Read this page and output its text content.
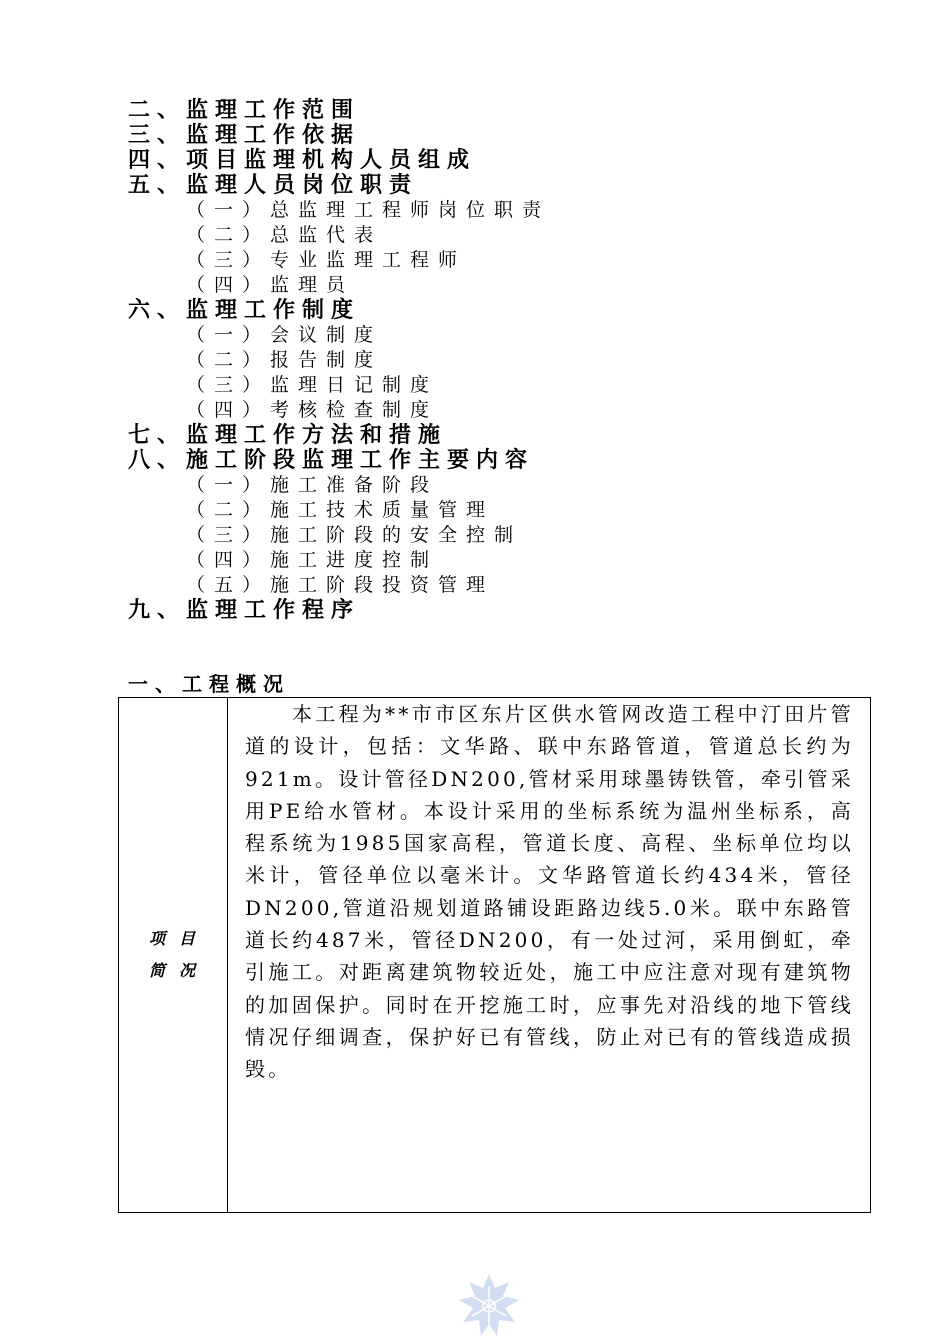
二、监理工作范围
三、监理工作依据
四、项目监理机构人员组成
五、监理人员岗位职责
（一）总监理工程师岗位职责
（二）总监代表
（三）专业监理工程师
（四）监理员
六、监理工作制度
（一）会议制度
（二）报告制度
（三）监理日记制度
（四）考核检查制度
七、监理工作方法和措施
八、施工阶段监理工作主要内容
（一）施工准备阶段
（二）施工技术质量管理
（三）施工阶段的安全控制
（四）施工进度控制
（五）施工阶段投资管理
九、监理工作程序
一、工程概况
项目
简况

本工程为**市市区东片区供水管网改造工程中汀田片管道的设计，包括：文华路、联中东路管道，管道总长约为921m。设计管径DN200,管材采用球墨铸铁管，牵引管采用PE给水管材。本设计采用的坐标系统为温州坐标系，高程系统为1985国家高程，管道长度、高程、坐标单位均以米计，管径单位以毫米计。文华路管道长约434米，管径DN200,管道沿规划道路铺设距路边线5.0米。联中东路管道长约487米，管径DN200，有一处过河，采用倒虹，牵引施工。对距离建筑物较近处，施工中应注意对现有建筑物的加固保护。同时在开挖施工时，应事先对沿线的地下管线情况仔细调查，保护好已有管线，防止对已有的管线造成损毁。
